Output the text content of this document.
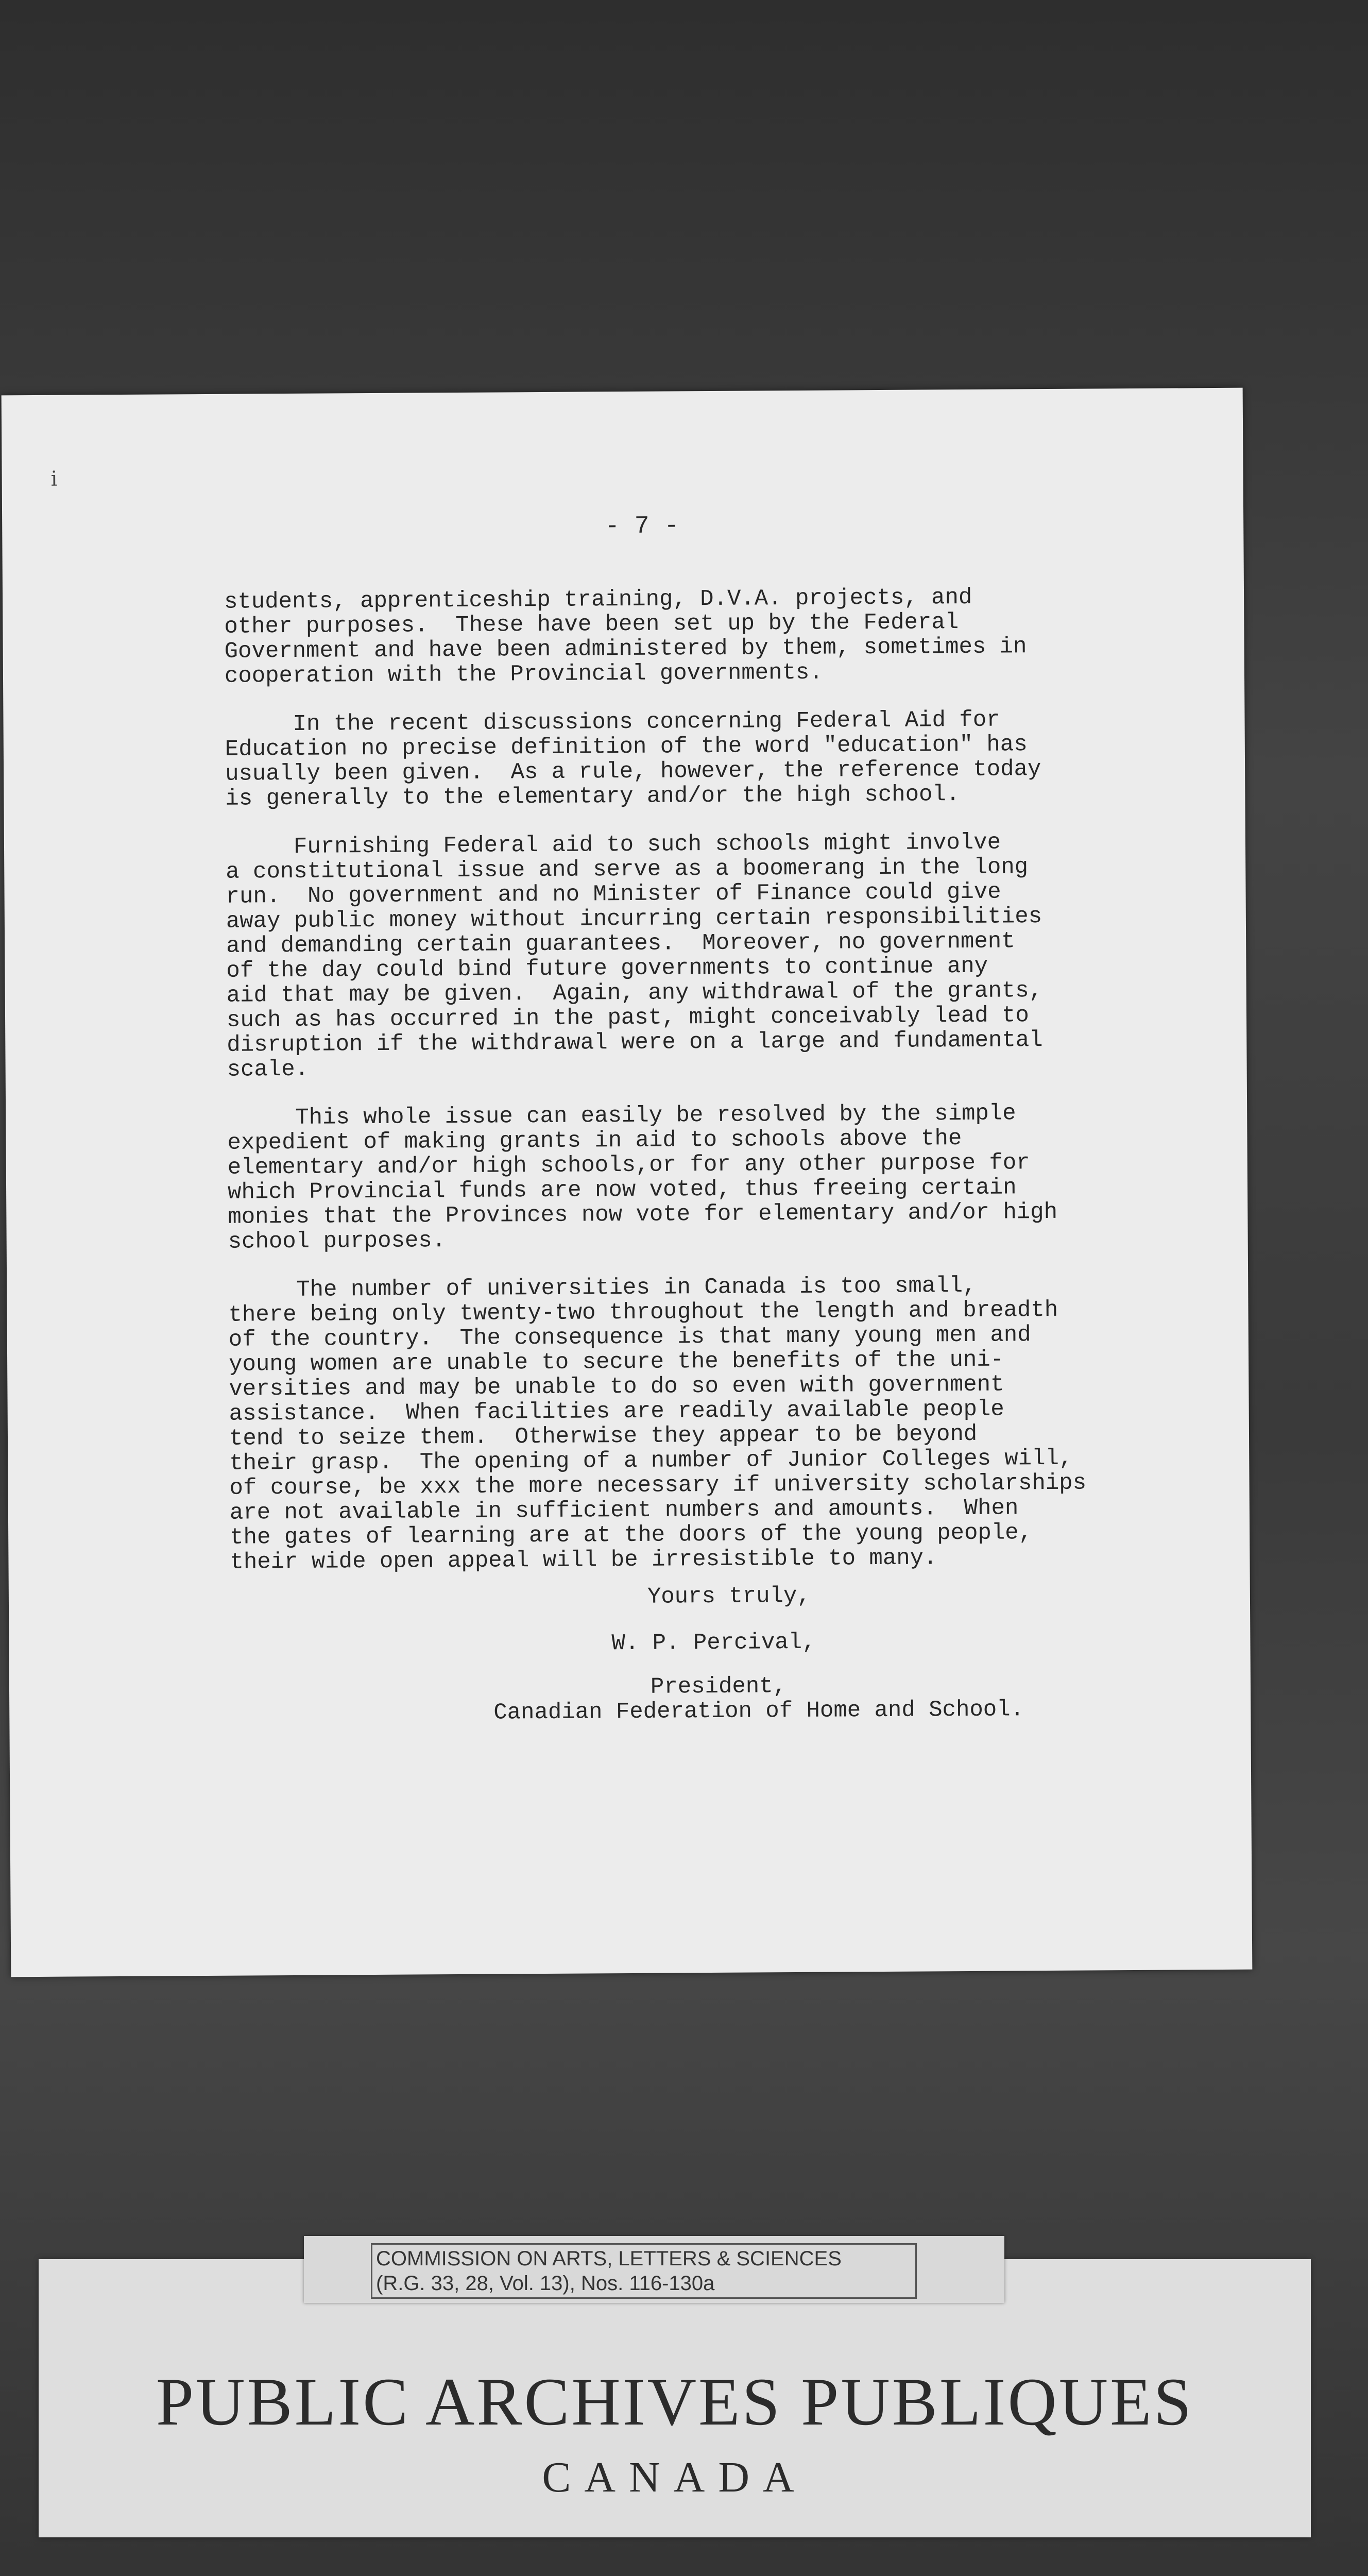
i
- 7 -

students, apprenticeship training, D.V.A. projects, and
other purposes.  These have been set up by the Federal
Government and have been administered by them, sometimes in
cooperation with the Provincial governments.

In the recent discussions concerning Federal Aid for
Education no precise definition of the word "education" has
usually been given.  As a rule, however, the reference today
is generally to the elementary and/or the high school.

Furnishing Federal aid to such schools might involve
a constitutional issue and serve as a boomerang in the long
run.  No government and no Minister of Finance could give
away public money without incurring certain responsibilities
and demanding certain guarantees.  Moreover, no government
of the day could bind future governments to continue any
aid that may be given.  Again, any withdrawal of the grants,
such as has occurred in the past, might conceivably lead to
disruption if the withdrawal were on a large and fundamental
scale.

This whole issue can easily be resolved by the simple
expedient of making grants in aid to schools above the
elementary and/or high schools,or for any other purpose for
which Provincial funds are now voted, thus freeing certain
monies that the Provinces now vote for elementary and/or high
school purposes.

The number of universities in Canada is too small,
there being only twenty-two throughout the length and breadth
of the country.  The consequence is that many young men and
young women are unable to secure the benefits of the uni-
versities and may be unable to do so even with government
assistance.  When facilities are readily available people
tend to seize them.  Otherwise they appear to be beyond
their grasp.  The opening of a number of Junior Colleges will,
of course, be xxx the more necessary if university scholarships
are not available in sufficient numbers and amounts.  When
the gates of learning are at the doors of the young people,
their wide open appeal will be irresistible to many.

Yours truly,
W. P. Percival,
President,
Canadian Federation of Home and School.
PUBLIC ARCHIVES PUBLIQUES
CANADA
COMMISSION ON ARTS, LETTERS & SCIENCES
(R.G. 33, 28, Vol. 13), Nos. 116-130a
